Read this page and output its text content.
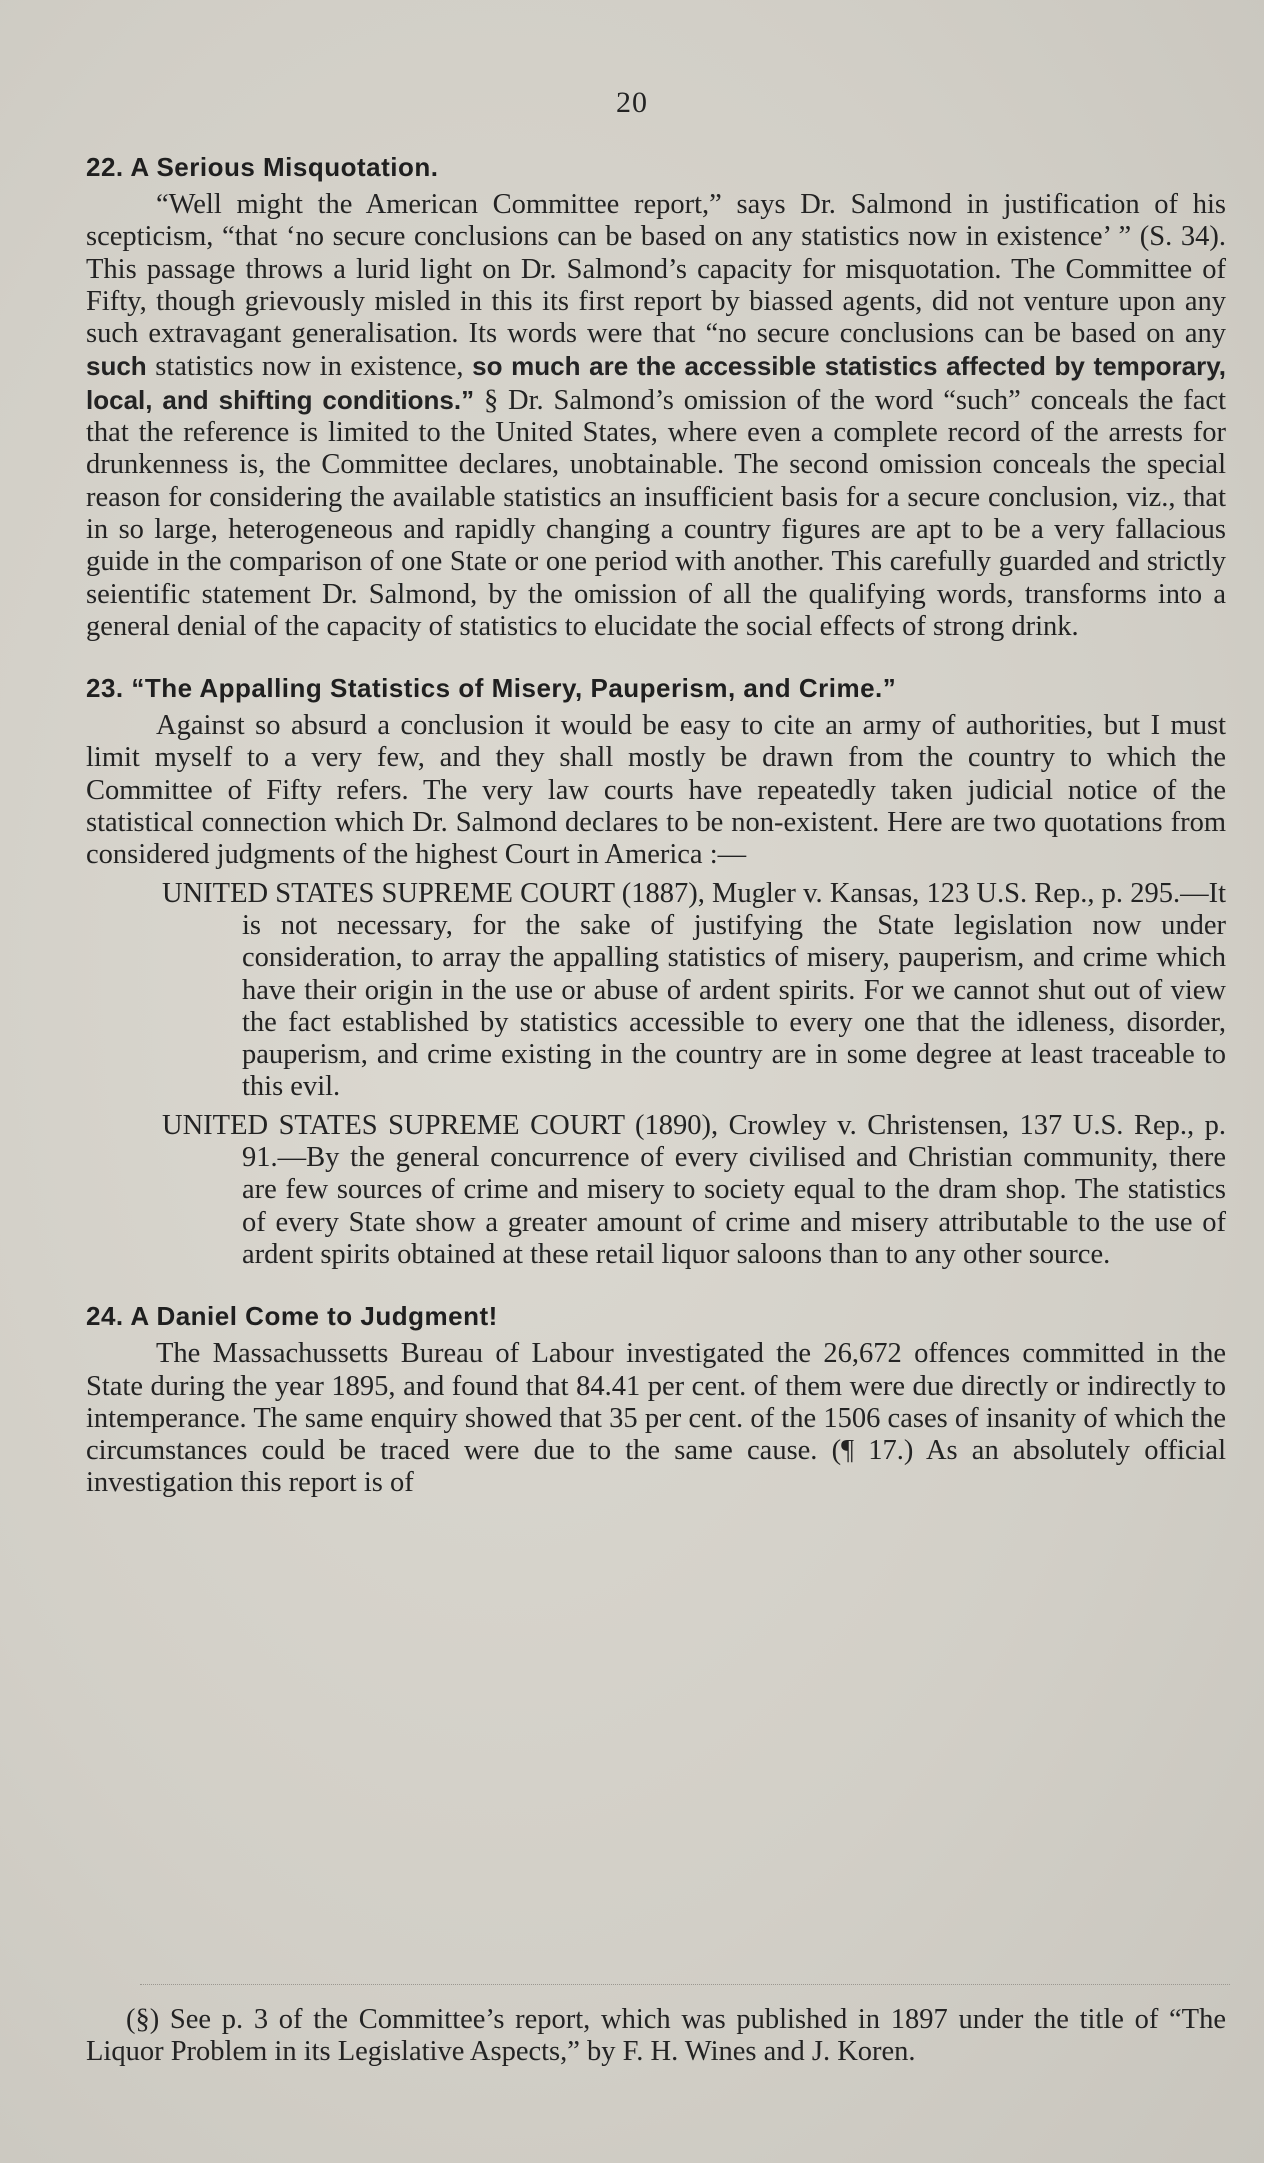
20
22. A Serious Misquotation.

“Well might the American Committee report,” says Dr. Salmond in justification of his scepticism, “that ‘no secure conclusions can be based on any statistics now in existence’ ” (S. 34). This passage throws a lurid light on Dr. Salmond’s capacity for misquotation. The Committee of Fifty, though grievously misled in this its first report by biassed agents, did not venture upon any such extravagant generalisation. Its words were that “no secure conclusions can be based on any such statistics now in existence, so much are the accessible statistics affected by temporary, local, and shifting conditions.” § Dr. Salmond’s omission of the word “such” conceals the fact that the reference is limited to the United States, where even a complete record of the arrests for drunkenness is, the Committee declares, unobtainable. The second omission conceals the special reason for considering the available statistics an insufficient basis for a secure conclusion, viz., that in so large, heterogeneous and rapidly changing a country figures are apt to be a very fallacious guide in the comparison of one State or one period with another. This carefully guarded and strictly seientific statement Dr. Salmond, by the omission of all the qualifying words, transforms into a general denial of the capacity of statistics to elucidate the social effects of strong drink.

23. “The Appalling Statistics of Misery, Pauperism, and Crime.”

Against so absurd a conclusion it would be easy to cite an army of authorities, but I must limit myself to a very few, and they shall mostly be drawn from the country to which the Committee of Fifty refers. The very law courts have repeatedly taken judicial notice of the statistical connection which Dr. Salmond declares to be non-existent. Here are two quotations from considered judgments of the highest Court in America :—

UNITED STATES SUPREME COURT (1887), Mugler v. Kansas, 123 U.S. Rep., p. 295.—It is not necessary, for the sake of justifying the State legislation now under consideration, to array the appalling statistics of misery, pauperism, and crime which have their origin in the use or abuse of ardent spirits. For we cannot shut out of view the fact established by statistics accessible to every one that the idleness, disorder, pauperism, and crime existing in the country are in some degree at least traceable to this evil.

UNITED STATES SUPREME COURT (1890), Crowley v. Christensen, 137 U.S. Rep., p. 91.—By the general concurrence of every civilised and Christian community, there are few sources of crime and misery to society equal to the dram shop. The statistics of every State show a greater amount of crime and misery attributable to the use of ardent spirits obtained at these retail liquor saloons than to any other source.

24. A Daniel Come to Judgment!

The Massachussetts Bureau of Labour investigated the 26,672 offences committed in the State during the year 1895, and found that 84.41 per cent. of them were due directly or indirectly to intemperance. The same enquiry showed that 35 per cent. of the 1506 cases of insanity of which the circumstances could be traced were due to the same cause. (¶ 17.) As an absolutely official investigation this report is of

(§) See p. 3 of the Committee’s report, which was published in 1897 under the title of “The Liquor Problem in its Legislative Aspects,” by F. H. Wines and J. Koren.
